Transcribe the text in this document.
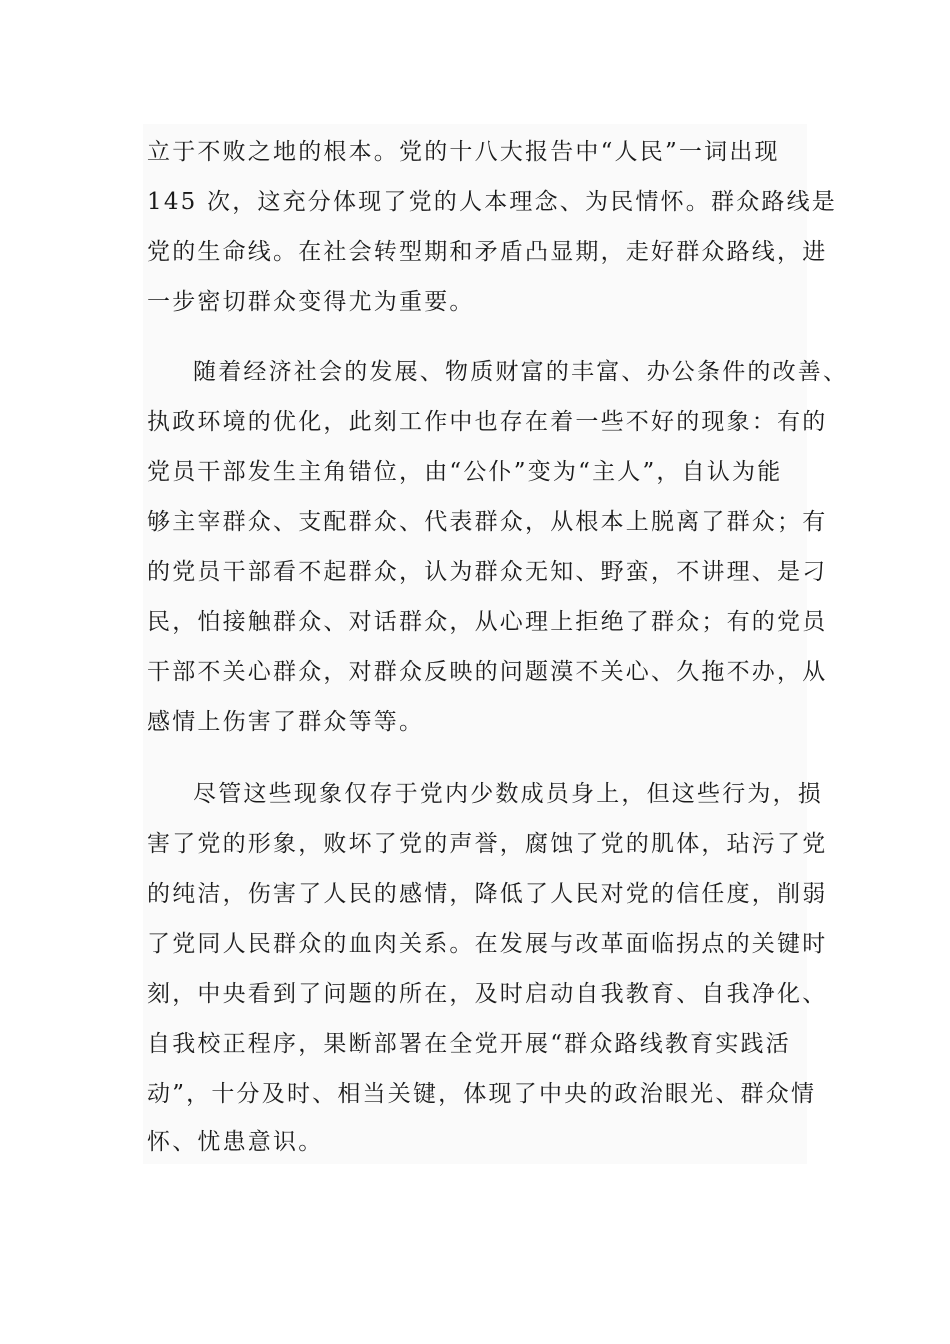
立于不败之地的根本。党的十八大报告中“人民”一词出现
145 次，这充分体现了党的人本理念、为民情怀。群众路线是
党的生命线。在社会转型期和矛盾凸显期，走好群众路线，进
一步密切群众变得尤为重要。
随着经济社会的发展、物质财富的丰富、办公条件的改善、
执政环境的优化，此刻工作中也存在着一些不好的现象：有的
党员干部发生主角错位，由“公仆”变为“主人”，自认为能
够主宰群众、支配群众、代表群众，从根本上脱离了群众；有
的党员干部看不起群众，认为群众无知、野蛮，不讲理、是刁
民，怕接触群众、对话群众，从心理上拒绝了群众；有的党员
干部不关心群众，对群众反映的问题漠不关心、久拖不办，从
感情上伤害了群众等等。
尽管这些现象仅存于党内少数成员身上，但这些行为，损
害了党的形象，败坏了党的声誉，腐蚀了党的肌体，玷污了党
的纯洁，伤害了人民的感情，降低了人民对党的信任度，削弱
了党同人民群众的血肉关系。在发展与改革面临拐点的关键时
刻，中央看到了问题的所在，及时启动自我教育、自我净化、
自我校正程序，果断部署在全党开展“群众路线教育实践活
动”，十分及时、相当关键，体现了中央的政治眼光、群众情
怀、忧患意识。
